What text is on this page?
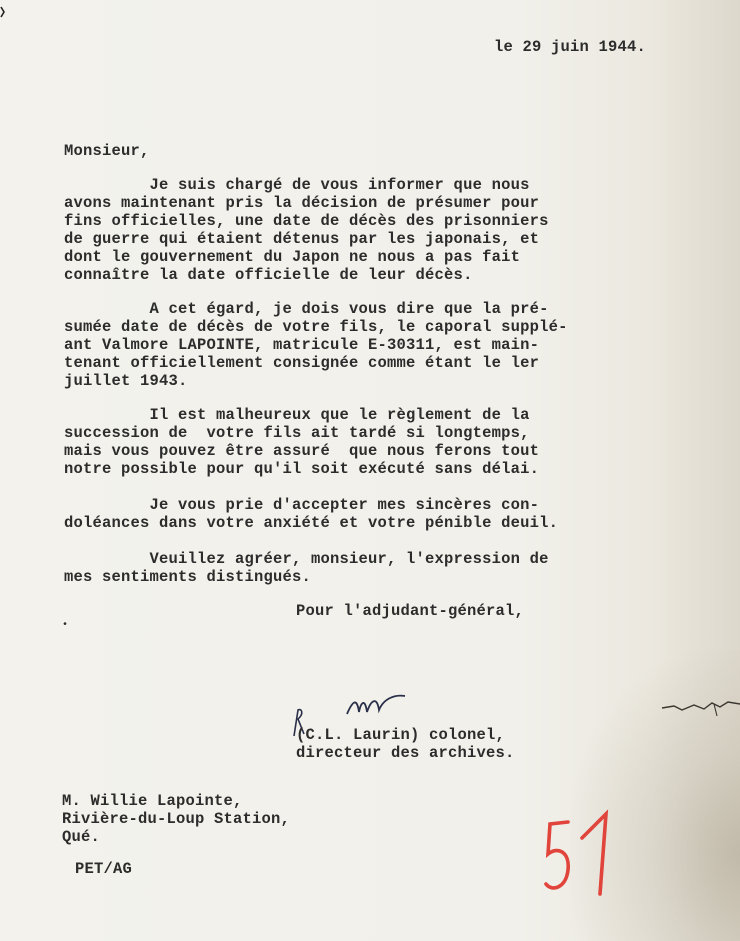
le 29 juin 1944.
Monsieur,
Je suis chargé de vous informer que nous
avons maintenant pris la décision de présumer pour
fins officielles, une date de décès des prisonniers
de guerre qui étaient détenus par les japonais, et
dont le gouvernement du Japon ne nous a pas fait
connaître la date officielle de leur décès.
A cet égard, je dois vous dire que la pré-
sumée date de décès de votre fils, le caporal supplé-
ant Valmore LAPOINTE, matricule E-30311, est main-
tenant officiellement consignée comme étant le ler
juillet 1943.
Il est malheureux que le règlement de la
succession de  votre fils ait tardé si longtemps,
mais vous pouvez être assuré  que nous ferons tout
notre possible pour qu'il soit exécuté sans délai.
Je vous prie d'accepter mes sincères con-
doléances dans votre anxiété et votre pénible deuil.
Veuillez agréer, monsieur, l'expression de
mes sentiments distingués.
Pour l'adjudant-général,
•
(C.L. Laurin) colonel,
directeur des archives.
M. Willie Lapointe,
Rivière-du-Loup Station,
Qué.
PET/AG
